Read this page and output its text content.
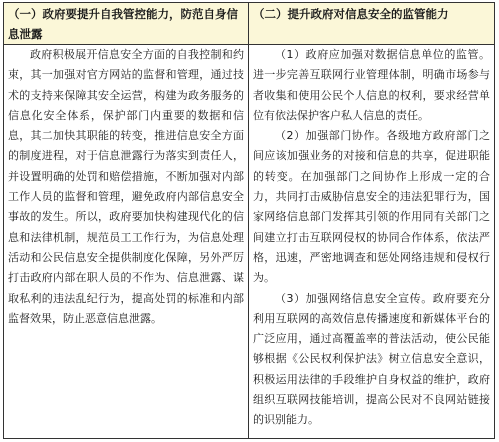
（一）政府要提升自我管控能力，防范自身信息泄露

政府积极展开信息安全方面的自我控制和约束，其一加强对官方网站的监督和管理，通过技术的支持来保障其安全运营，构建为政务服务的信息化安全体系，保护部门内重要的数据和信息，其二加快其职能的转变，推进信息安全方面的制度进程，对于信息泄露行为落实到责任人，并设置明确的处罚和赔偿措施，不断加强对内部工作人员的监督和管理，避免政府内部信息安全事故的发生。所以，政府要加快构建现代化的信息和法律机制，规范员工工作行为，为信息处理活动和公民信息安全提供制度化保障，另外严厉打击政府内部在职人员的不作为、信息泄露、谋取私利的违法乱纪行为，提高处罚的标准和内部监督效果，防止恶意信息泄露。

（二）提升政府对信息安全的监管能力

（1）政府应加强对数据信息单位的监管。进一步完善互联网行业管理体制，明确市场参与者收集和使用公民个人信息的权利，要求经营单位有依法保护客户私人信息的责任。

（2）加强部门协作。各级地方政府部门之间应该加强业务的对接和信息的共享，促进职能的转变。在加强部门之间协作上形成一定的合力，共同打击威胁信息安全的违法犯罪行为，国家网络信息部门发挥其引领的作用同有关部门之间建立打击互联网侵权的协同合作体系，依法严格，迅速，严密地调查和惩处网络违规和侵权行为。

（3）加强网络信息安全宣传。政府要充分利用互联网的高效信息传播速度和新媒体平台的广泛应用，通过高覆盖率的普法活动，使公民能够根据《公民权利保护法》树立信息安全意识，积极运用法律的手段维护自身权益的维护，政府组织互联网技能培训，提高公民对不良网站链接的识别能力。
